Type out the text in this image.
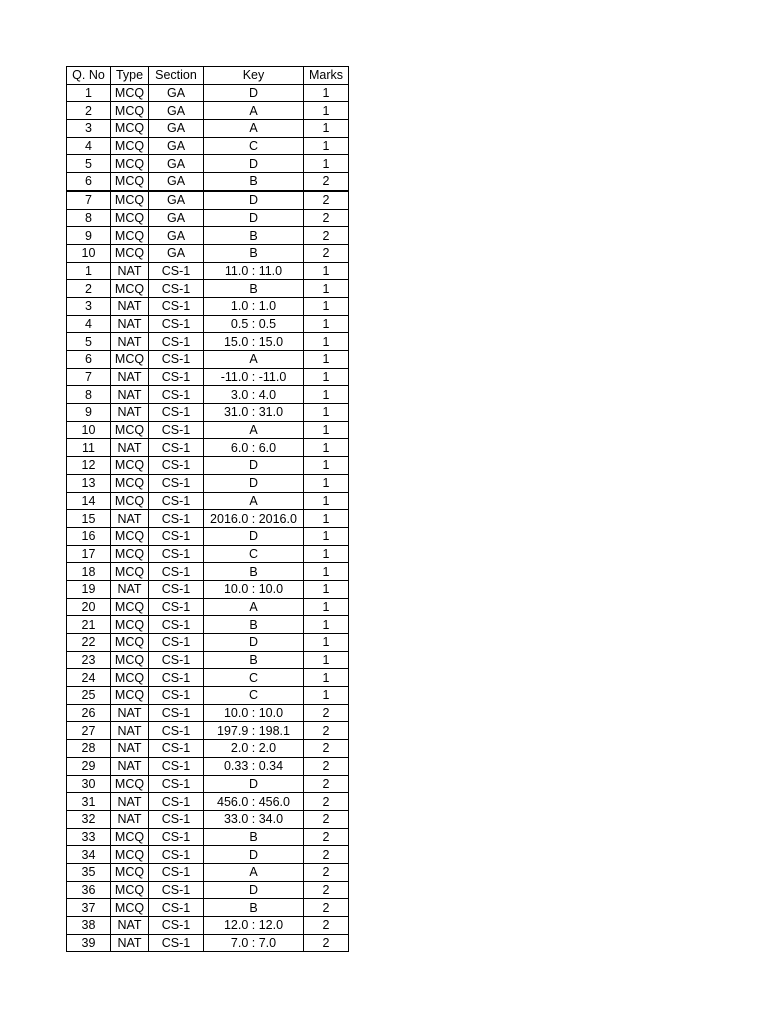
Q. No	Type	Section	Key	Marks
1	MCQ	GA	D	1
2	MCQ	GA	A	1
3	MCQ	GA	A	1
4	MCQ	GA	C	1
5	MCQ	GA	D	1
6	MCQ	GA	B	2
7	MCQ	GA	D	2
8	MCQ	GA	D	2
9	MCQ	GA	B	2
10	MCQ	GA	B	2
1	NAT	CS-1	11.0 : 11.0	1
2	MCQ	CS-1	B	1
3	NAT	CS-1	1.0 : 1.0	1
4	NAT	CS-1	0.5 : 0.5	1
5	NAT	CS-1	15.0 : 15.0	1
6	MCQ	CS-1	A	1
7	NAT	CS-1	-11.0 : -11.0	1
8	NAT	CS-1	3.0 : 4.0	1
9	NAT	CS-1	31.0 : 31.0	1
10	MCQ	CS-1	A	1
11	NAT	CS-1	6.0 : 6.0	1
12	MCQ	CS-1	D	1
13	MCQ	CS-1	D	1
14	MCQ	CS-1	A	1
15	NAT	CS-1	2016.0 : 2016.0	1
16	MCQ	CS-1	D	1
17	MCQ	CS-1	C	1
18	MCQ	CS-1	B	1
19	NAT	CS-1	10.0 : 10.0	1
20	MCQ	CS-1	A	1
21	MCQ	CS-1	B	1
22	MCQ	CS-1	D	1
23	MCQ	CS-1	B	1
24	MCQ	CS-1	C	1
25	MCQ	CS-1	C	1
26	NAT	CS-1	10.0 : 10.0	2
27	NAT	CS-1	197.9 : 198.1	2
28	NAT	CS-1	2.0 : 2.0	2
29	NAT	CS-1	0.33 : 0.34	2
30	MCQ	CS-1	D	2
31	NAT	CS-1	456.0 : 456.0	2
32	NAT	CS-1	33.0 : 34.0	2
33	MCQ	CS-1	B	2
34	MCQ	CS-1	D	2
35	MCQ	CS-1	A	2
36	MCQ	CS-1	D	2
37	MCQ	CS-1	B	2
38	NAT	CS-1	12.0 : 12.0	2
39	NAT	CS-1	7.0 : 7.0	2
